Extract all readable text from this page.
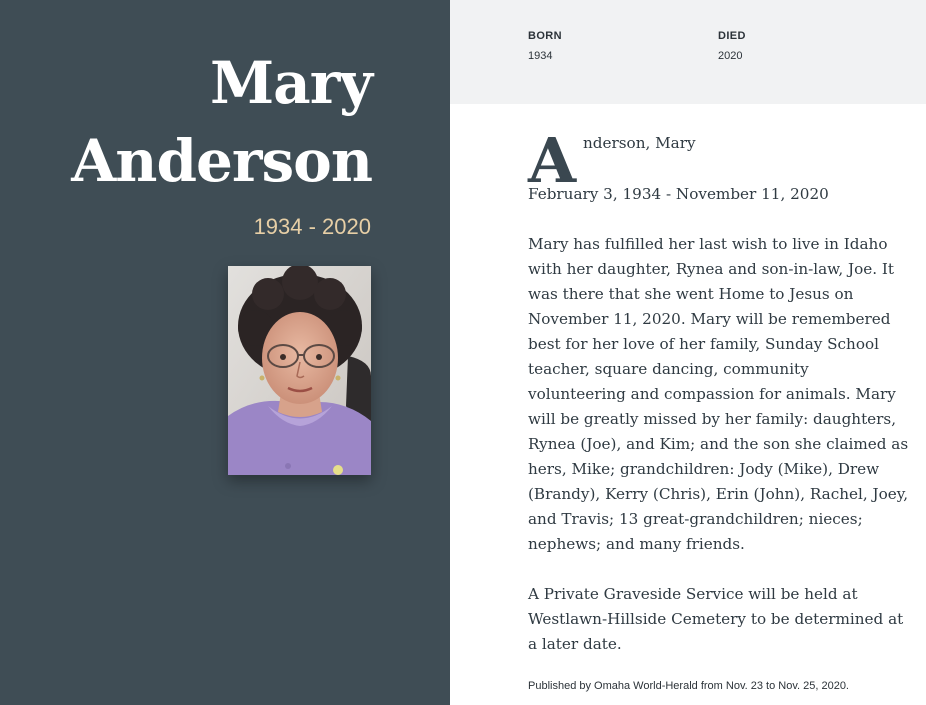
Mary
Anderson
1934 - 2020
BORN
1934
DIED
2020
A nderson, Mary
February 3, 1934 - November 11, 2020
Mary has fulfilled her last wish to live in Idaho with her daughter, Rynea and son-in-law, Joe. It was there that she went Home to Jesus on November 11, 2020. Mary will be remembered best for her love of her family, Sunday School teacher, square dancing, community volunteering and compassion for animals. Mary will be greatly missed by her family: daughters, Rynea (Joe), and Kim; and the son she claimed as hers, Mike; grandchildren: Jody (Mike), Drew (Brandy), Kerry (Chris), Erin (John), Rachel, Joey, and Travis; 13 great-grandchildren; nieces; nephews; and many friends.
A Private Graveside Service will be held at Westlawn-Hillside Cemetery to be determined at a later date.
Published by Omaha World-Herald from Nov. 23 to Nov. 25, 2020.
